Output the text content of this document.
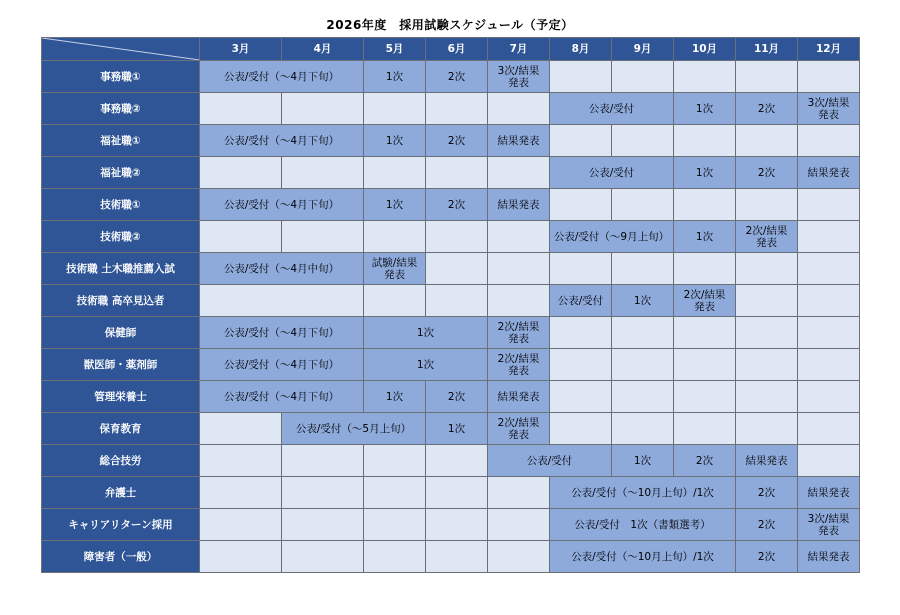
2026年度　採用試験スケジュール（予定）
	3月	4月	5月	6月	7月	8月	9月	10月	11月	12月
事務職①	公表/受付（～4月下旬）		1次	2次	3次/結果
発表					
事務職②						公表/受付		1次	2次	3次/結果
発表
福祉職①	公表/受付（～4月下旬）		1次	2次	結果発表					
福祉職②						公表/受付		1次	2次	結果発表
技術職①	公表/受付（～4月下旬）		1次	2次	結果発表					
技術職②						公表/受付（～9月上旬）		1次	2次/結果
発表	
技術職 土木職推薦入試	公表/受付（～4月中旬）		試験/結果
発表							
技術職 高卒見込者						公表/受付	1次	2次/結果
発表		
保健師	公表/受付（～4月下旬）		1次		2次/結果
発表					
獣医師・薬剤師	公表/受付（～4月下旬）		1次		2次/結果
発表					
管理栄養士	公表/受付（～4月下旬）		1次	2次	結果発表					
保育教育		公表/受付（～5月上旬）		1次	2次/結果
発表					
総合技労					公表/受付		1次	2次	結果発表	
弁護士						公表/受付（～10月上旬）/1次			2次	結果発表
キャリアリターン採用						公表/受付　1次（書類選考）			2次	3次/結果
発表
障害者（一般）						公表/受付（～10月上旬）/1次			2次	結果発表
